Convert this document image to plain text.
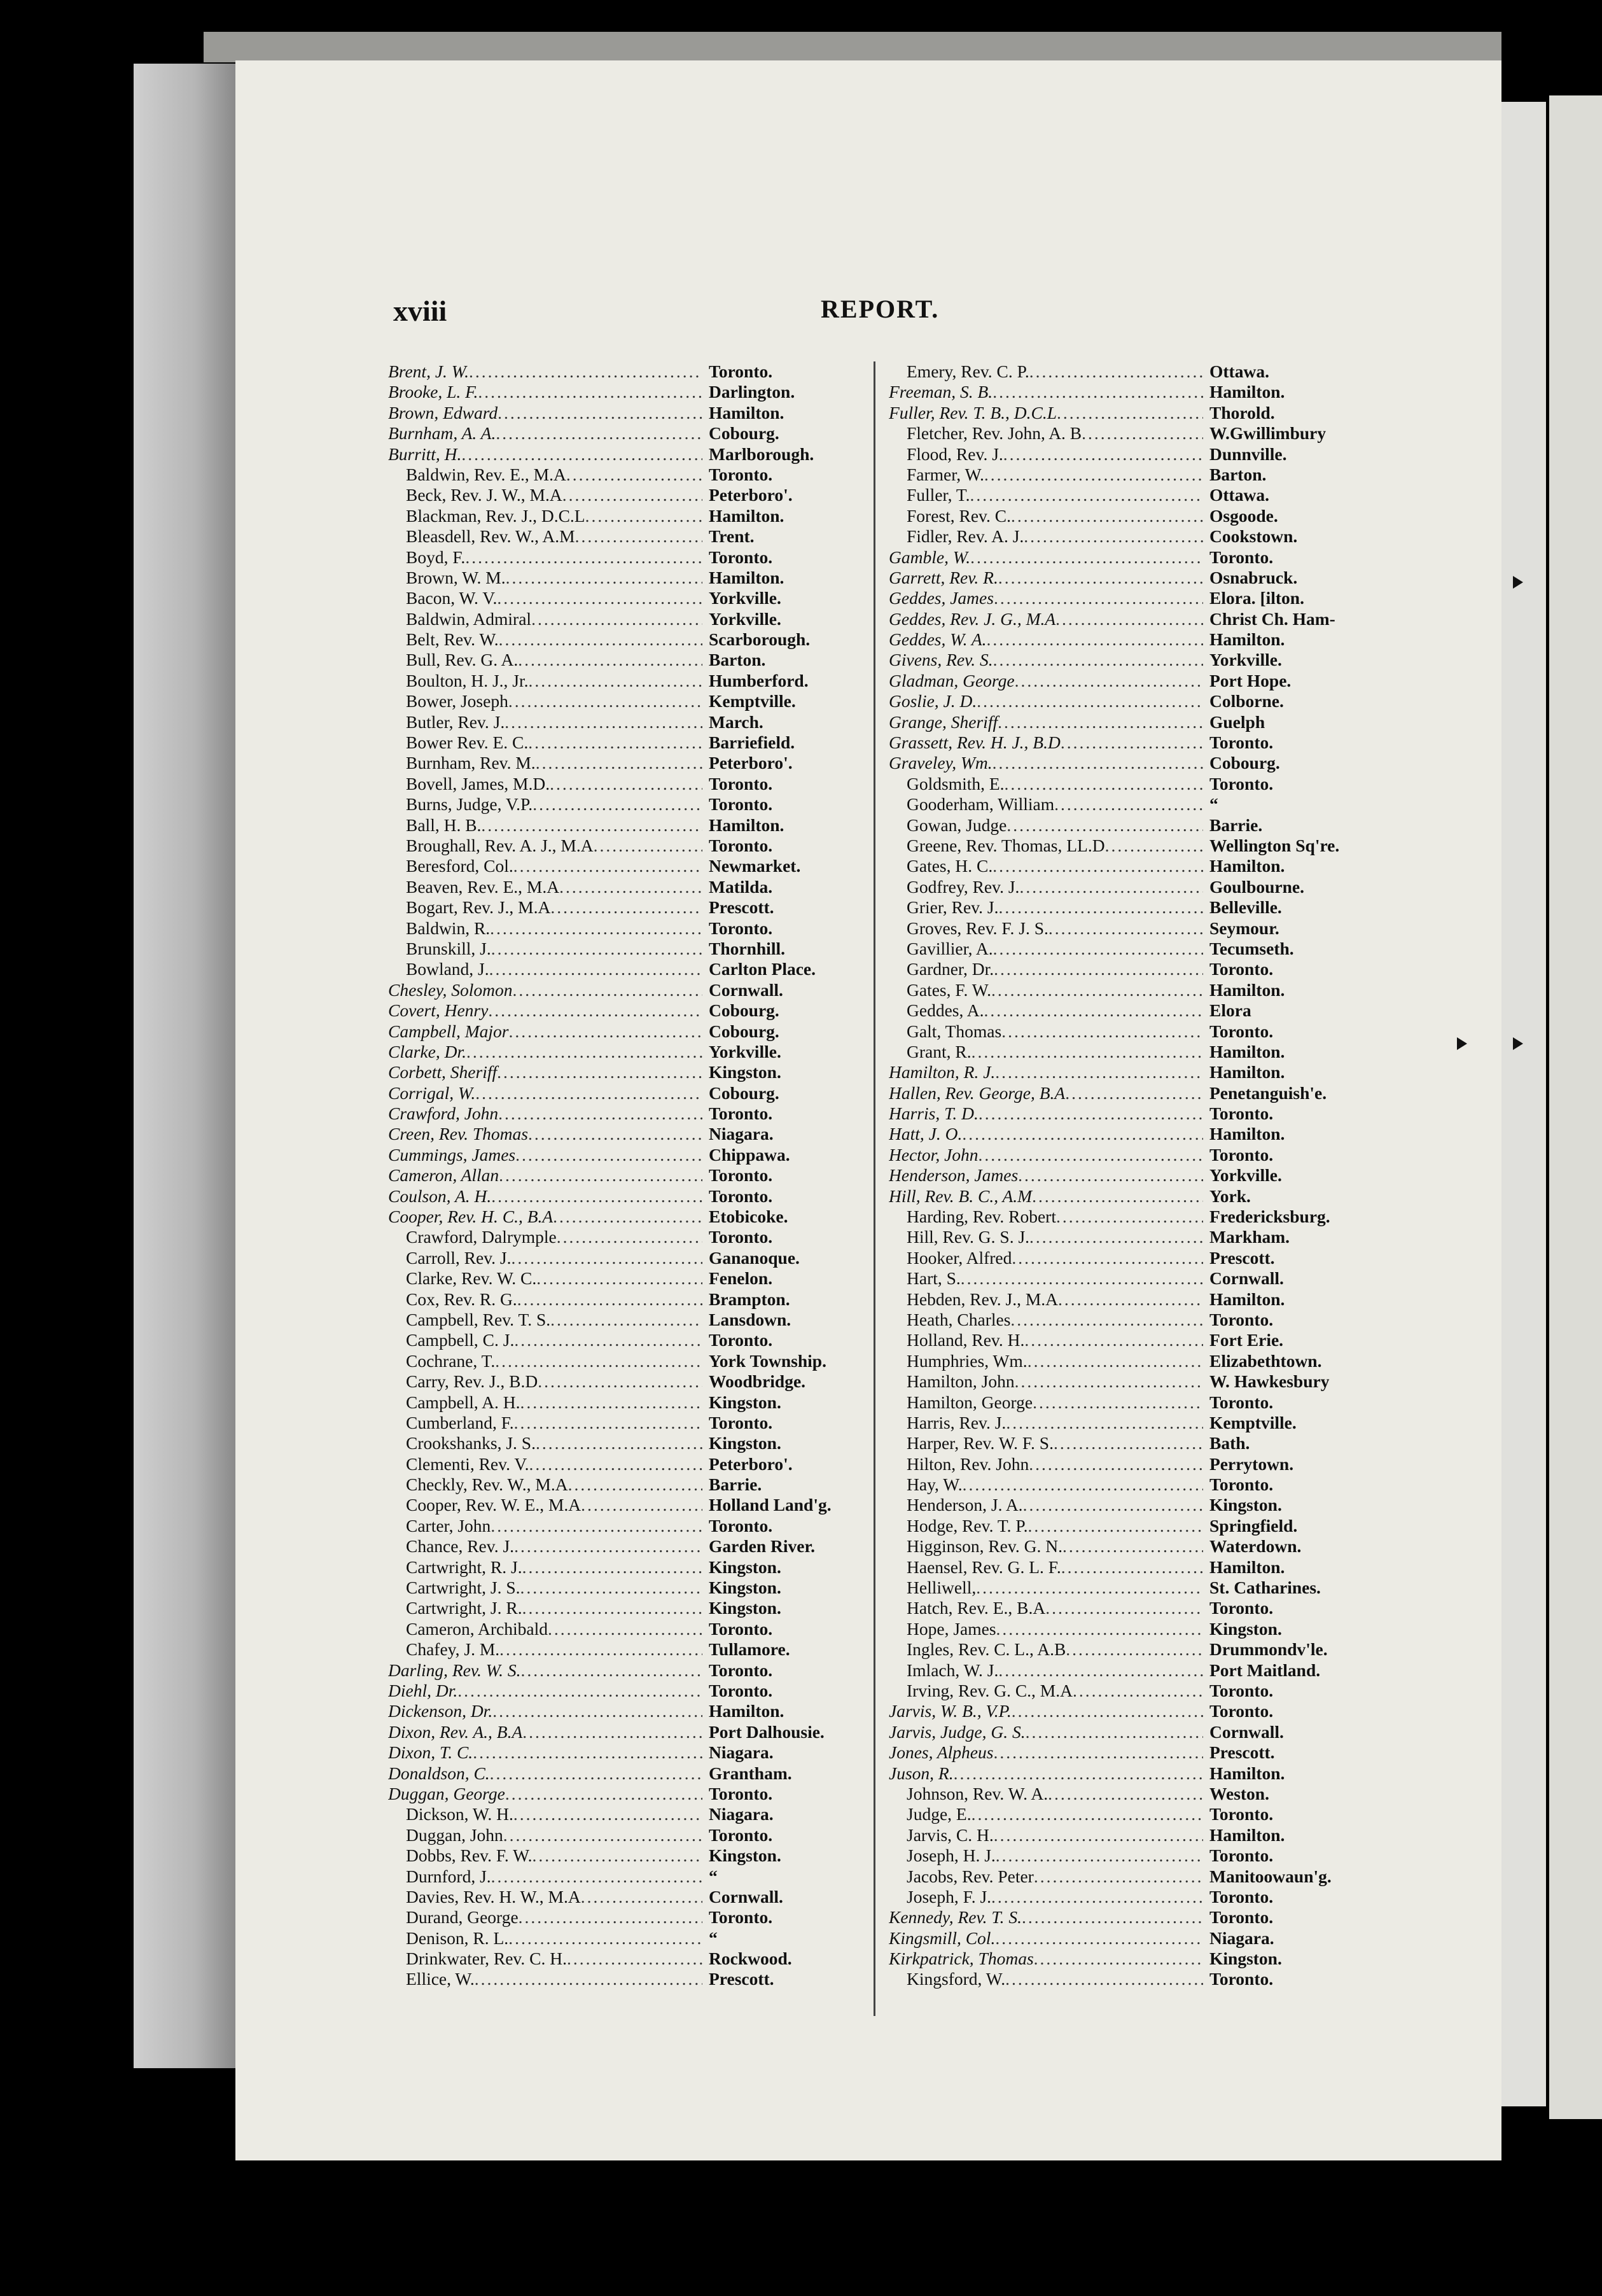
xviii	REPORT.
Brent, J. W. .....	Toronto.
Brooke, L. F. .....	Darlington.
Brown, Edward .....	Hamilton.
Burnham, A. A. .....	Cobourg.
Burritt, H. .....	Marlborough.
Baldwin, Rev. E., M.A .....	Toronto.
Beck, Rev. J. W., M.A .....	Peterboro'.
Blackman, Rev. J., D.C.L .....	Hamilton.
Bleasdell, Rev. W., A.M .....	Trent.
Boyd, F. .....	Toronto.
Brown, W. M. .....	Hamilton.
Bacon, W. V. .....	Yorkville.
Baldwin, Admiral .....	Yorkville.
Belt, Rev. W. .....	Scarborough.
Bull, Rev. G. A. .....	Barton.
Boulton, H. J., Jr. .....	Humberford.
Bower, Joseph .....	Kemptville.
Butler, Rev. J. .....	March.
Bower Rev. E. C. .....	Barriefield.
Burnham, Rev. M. .....	Peterboro'.
Bovell, James, M.D. .....	Toronto.
Burns, Judge, V.P. .....	Toronto.
Ball, H. B. .....	Hamilton.
Broughall, Rev. A. J., M.A .....	Toronto.
Beresford, Col. .....	Newmarket.
Beaven, Rev. E., M.A .....	Matilda.
Bogart, Rev. J., M.A .....	Prescott.
Baldwin, R. .....	Toronto.
Brunskill, J. .....	Thornhill.
Bowland, J. .....	Carlton Place.
Chesley, Solomon .....	Cornwall.
Covert, Henry .....	Cobourg.
Campbell, Major .....	Cobourg.
Clarke, Dr. .....	Yorkville.
Corbett, Sheriff .....	Kingston.
Corrigal, W. .....	Cobourg.
Crawford, John .....	Toronto.
Creen, Rev. Thomas .....	Niagara.
Cummings, James .....	Chippawa.
Cameron, Allan .....	Toronto.
Coulson, A. H. .....	Toronto.
Cooper, Rev. H. C., B.A .....	Etobicoke.
Crawford, Dalrymple .....	Toronto.
Carroll, Rev. J. .....	Gananoque.
Clarke, Rev. W. C. .....	Fenelon.
Cox, Rev. R. G. .....	Brampton.
Campbell, Rev. T. S. .....	Lansdown.
Campbell, C. J. .....	Toronto.
Cochrane, T. .....	York Township.
Carry, Rev. J., B.D .....	Woodbridge.
Campbell, A. H. .....	Kingston.
Cumberland, F. .....	Toronto.
Crookshanks, J. S. .....	Kingston.
Clementi, Rev. V. .....	Peterboro'.
Checkly, Rev. W., M.A .....	Barrie.
Cooper, Rev. W. E., M.A .....	Holland Land'g.
Carter, John .....	Toronto.
Chance, Rev. J. .....	Garden River.
Cartwright, R. J. .....	Kingston.
Cartwright, J. S. .....	Kingston.
Cartwright, J. R. .....	Kingston.
Cameron, Archibald .....	Toronto.
Chafey, J. M. .....	Tullamore.
Darling, Rev. W. S. .....	Toronto.
Diehl, Dr. .....	Toronto.
Dickenson, Dr. .....	Hamilton.
Dixon, Rev. A., B.A .....	Port Dalhousie.
Dixon, T. C. .....	Niagara.
Donaldson, C. .....	Grantham.
Duggan, George .....	Toronto.
Dickson, W. H. .....	Niagara.
Duggan, John .....	Toronto.
Dobbs, Rev. F. W. .....	Kingston.
Durnford, J. .....	“
Davies, Rev. H. W., M.A .....	Cornwall.
Durand, George .....	Toronto.
Denison, R. L. .....	“
Drinkwater, Rev. C. H. .....	Rockwood.
Ellice, W. .....	Prescott.
Emery, Rev. C. P. .....	Ottawa.
Freeman, S. B. .....	Hamilton.
Fuller, Rev. T. B., D.C.L .....	Thorold.
Fletcher, Rev. John, A. B .....	W.Gwillimbury
Flood, Rev. J. .....	Dunnville.
Farmer, W. .....	Barton.
Fuller, T. .....	Ottawa.
Forest, Rev. C. .....	Osgoode.
Fidler, Rev. A. J. .....	Cookstown.
Gamble, W. .....	Toronto.
Garrett, Rev. R. .....	Osnabruck.
Geddes, James .....	Elora. [ilton.
Geddes, Rev. J. G., M.A .....	Christ Ch. Ham-
Geddes, W. A. .....	Hamilton.
Givens, Rev. S. .....	Yorkville.
Gladman, George .....	Port Hope.
Goslie, J. D. .....	Colborne.
Grange, Sheriff .....	Guelph
Grassett, Rev. H. J., B.D .....	Toronto.
Graveley, Wm. .....	Cobourg.
Goldsmith, E. .....	Toronto.
Gooderham, William .....	“
Gowan, Judge .....	Barrie.
Greene, Rev. Thomas, LL.D .....	Wellington Sq're.
Gates, H. C. .....	Hamilton.
Godfrey, Rev. J. .....	Goulbourne.
Grier, Rev. J. .....	Belleville.
Groves, Rev. F. J. S. .....	Seymour.
Gavillier, A. .....	Tecumseth.
Gardner, Dr. .....	Toronto.
Gates, F. W. .....	Hamilton.
Geddes, A. .....	Elora
Galt, Thomas .....	Toronto.
Grant, R. .....	Hamilton.
Hamilton, R. J. .....	Hamilton.
Hallen, Rev. George, B.A .....	Penetanguish'e.
Harris, T. D. .....	Toronto.
Hatt, J. O. .....	Hamilton.
Hector, John .....	Toronto.
Henderson, James .....	Yorkville.
Hill, Rev. B. C., A.M .....	York.
Harding, Rev. Robert .....	Fredericksburg.
Hill, Rev. G. S. J. .....	Markham.
Hooker, Alfred .....	Prescott.
Hart, S. .....	Cornwall.
Hebden, Rev. J., M.A .....	Hamilton.
Heath, Charles .....	Toronto.
Holland, Rev. H. .....	Fort Erie.
Humphries, Wm. .....	Elizabethtown.
Hamilton, John .....	W. Hawkesbury
Hamilton, George .....	Toronto.
Harris, Rev. J. .....	Kemptville.
Harper, Rev. W. F. S. .....	Bath.
Hilton, Rev. John .....	Perrytown.
Hay, W. .....	Toronto.
Henderson, J. A. .....	Kingston.
Hodge, Rev. T. P. .....	Springfield.
Higginson, Rev. G. N. .....	Waterdown.
Haensel, Rev. G. L. F. .....	Hamilton.
Helliwell, .....	St. Catharines.
Hatch, Rev. E., B.A .....	Toronto.
Hope, James .....	Kingston.
Ingles, Rev. C. L., A.B .....	Drummondv'le.
Imlach, W. J. .....	Port Maitland.
Irving, Rev. G. C., M.A .....	Toronto.
Jarvis, W. B., V.P. .....	Toronto.
Jarvis, Judge, G. S. .....	Cornwall.
Jones, Alpheus .....	Prescott.
Juson, R. .....	Hamilton.
Johnson, Rev. W. A. .....	Weston.
Judge, E. .....	Toronto.
Jarvis, C. H. .....	Hamilton.
Joseph, H. J. .....	Toronto.
Jacobs, Rev. Peter .....	Manitoowaun'g.
Joseph, F. J. .....	Toronto.
Kennedy, Rev. T. S. .....	Toronto.
Kingsmill, Col. .....	Niagara.
Kirkpatrick, Thomas .....	Kingston.
Kingsford, W. .....	Toronto.
